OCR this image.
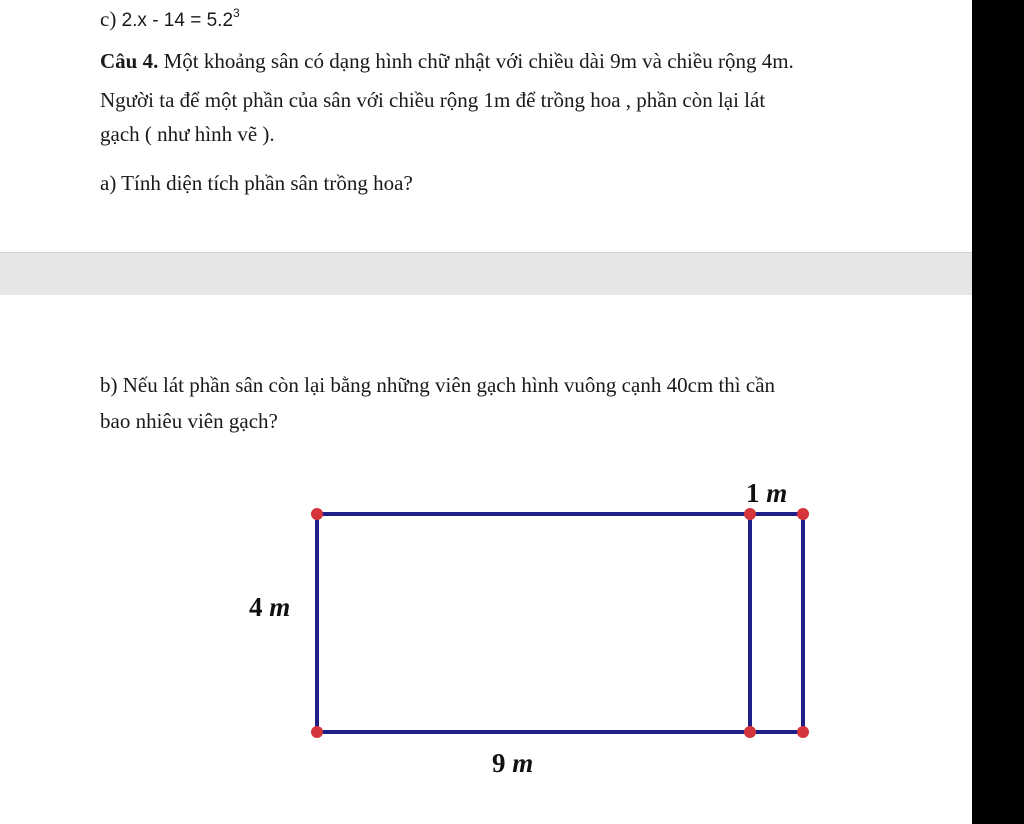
c) $2.x - 14 = 5.2^3$
Câu 4. Một khoảng sân có dạng hình chữ nhật với chiều dài 9m và chiều rộng 4m.
Người ta để một phần của sân với chiều rộng 1m để trồng hoa , phần còn lại lát
gạch ( như hình vẽ ).
a) Tính diện tích phần sân trồng hoa?
b) Nếu lát phần sân còn lại bằng những viên gạch hình vuông cạnh 40cm thì cần
bao nhiêu viên gạch?
1 m
4 m
9 m
